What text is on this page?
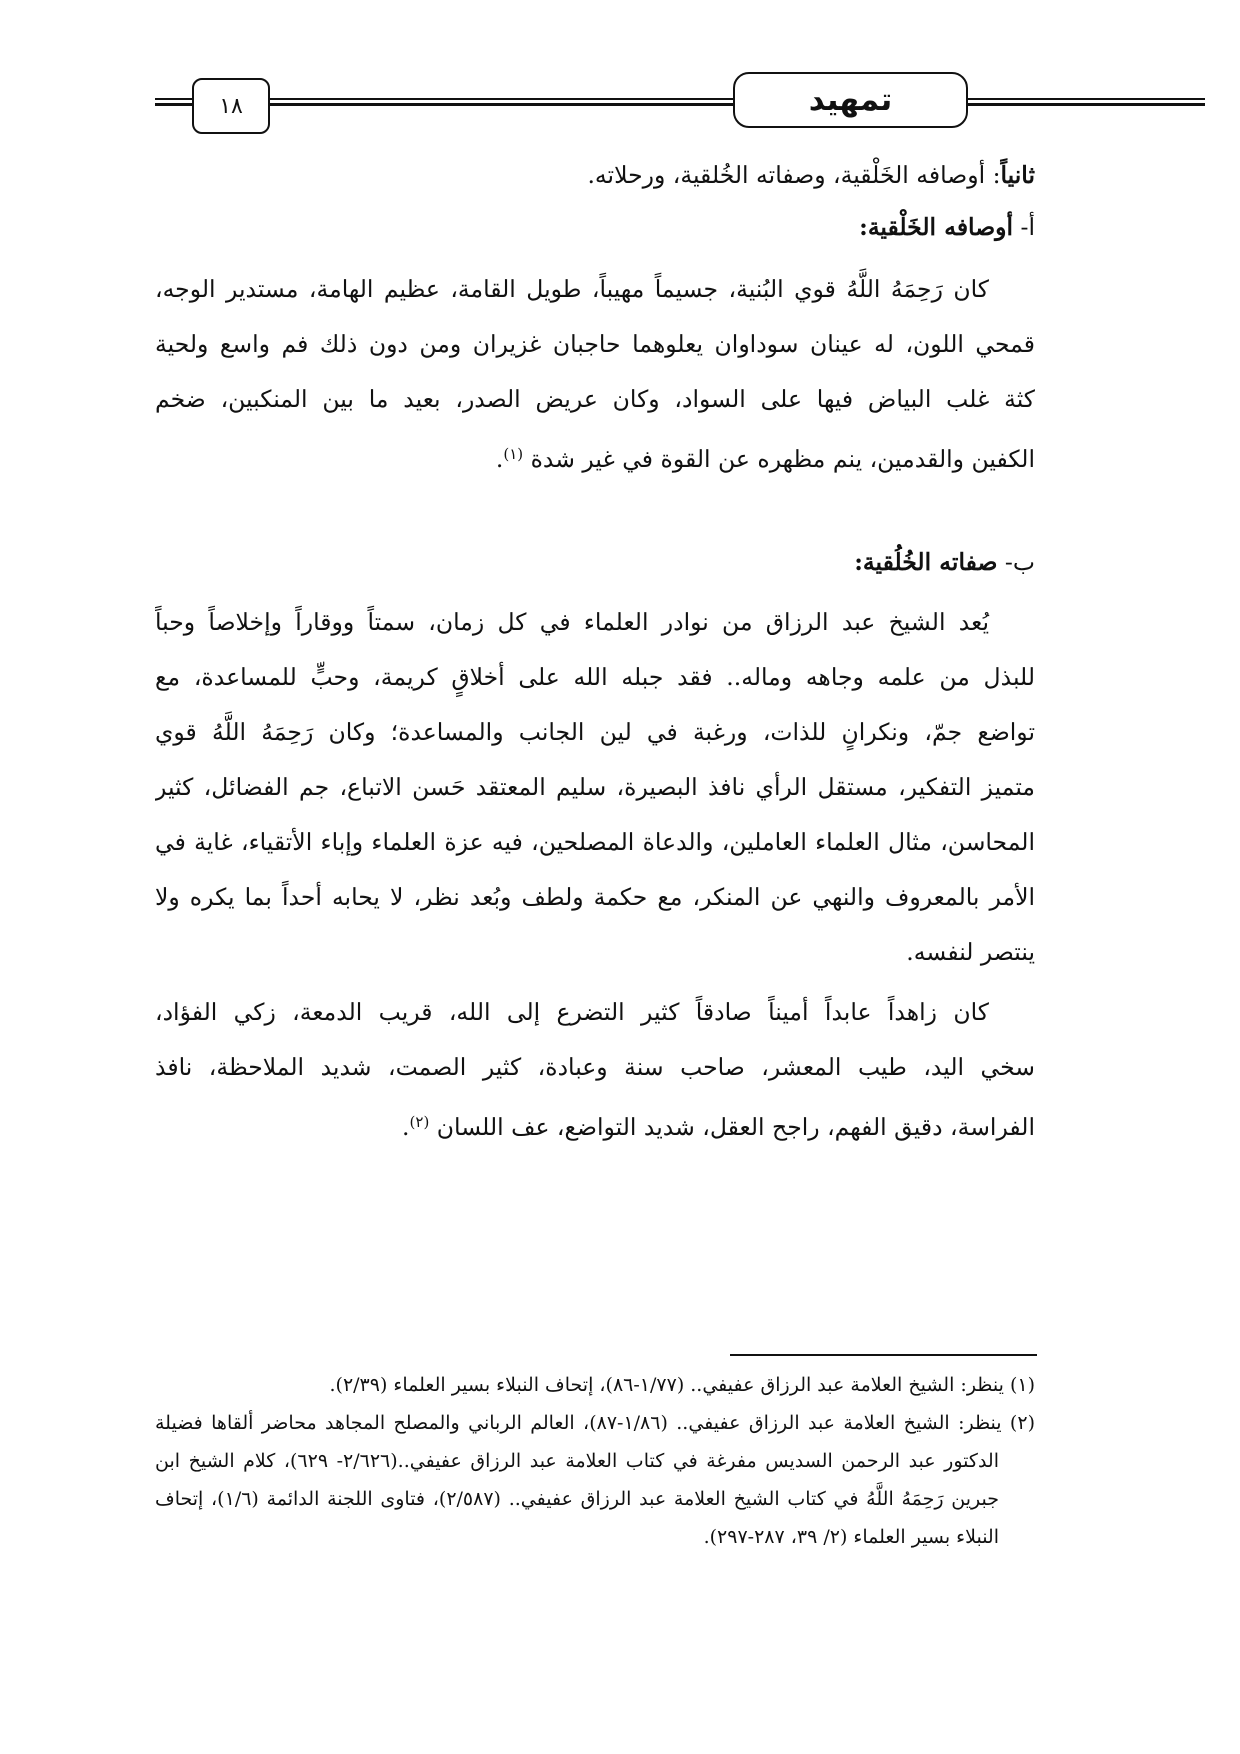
تمهيد
١٨
ثانياً: أوصافه الخَلْقية، وصفاته الخُلقية، ورحلاته.
أ- أوصافه الخَلْقية:
كان رَحِمَهُ اللَّهُ قوي البُنية، جسيماً مهيباً، طويل القامة، عظيم الهامة، مستدير الوجه،
قمحي اللون، له عينان سوداوان يعلوهما حاجبان غزيران ومن دون ذلك فم واسع ولحية
كثة غلب البياض فيها على السواد، وكان عريض الصدر، بعيد ما بين المنكبين، ضخم
الكفين والقدمين، ينم مظهره عن القوة في غير شدة $^{(١)}$.
ب- صفاته الخُلُقية:
يُعد الشيخ عبد الرزاق من نوادر العلماء في كل زمان، سمتاً ووقاراً وإخلاصاً وحباً
للبذل من علمه وجاهه وماله.. فقد جبله الله على أخلاقٍ كريمة، وحبٍّ للمساعدة، مع
تواضع جمّ، ونكرانٍ للذات، ورغبة في لين الجانب والمساعدة؛ وكان رَحِمَهُ اللَّهُ قوي
متميز التفكير، مستقل الرأي نافذ البصيرة، سليم المعتقد حَسن الاتباع، جم الفضائل، كثير
المحاسن، مثال العلماء العاملين، والدعاة المصلحين، فيه عزة العلماء وإباء الأتقياء، غاية في
الأمر بالمعروف والنهي عن المنكر، مع حكمة ولطف وبُعد نظر، لا يحابه أحداً بما يكره ولا
ينتصر لنفسه.
كان زاهداً عابداً أميناً صادقاً كثير التضرع إلى الله، قريب الدمعة، زكي الفؤاد،
سخي اليد، طيب المعشر، صاحب سنة وعبادة، كثير الصمت، شديد الملاحظة، نافذ
الفراسة، دقيق الفهم، راجح العقل، شديد التواضع، عف اللسان $^{(٢)}$.
(١) ينظر: الشيخ العلامة عبد الرزاق عفيفي.. (١/٧٧-٨٦)، إتحاف النبلاء بسير العلماء (٢/٣٩).
(٢) ينظر: الشيخ العلامة عبد الرزاق عفيفي.. (١/٨٦-٨٧)، العالم الرباني والمصلح المجاهد محاضر ألقاها فضيلة
الدكتور عبد الرحمن السديس مفرغة في كتاب العلامة عبد الرزاق عفيفي..(٢/٦٢٦- ٦٢٩)، كلام الشيخ ابن
جبرين رَحِمَهُ اللَّهُ في كتاب الشيخ العلامة عبد الرزاق عفيفي.. (٢/٥٨٧)، فتاوى اللجنة الدائمة (١/٦)، إتحاف
النبلاء بسير العلماء (٢/ ٣٩، ٢٨٧-٢٩٧).
